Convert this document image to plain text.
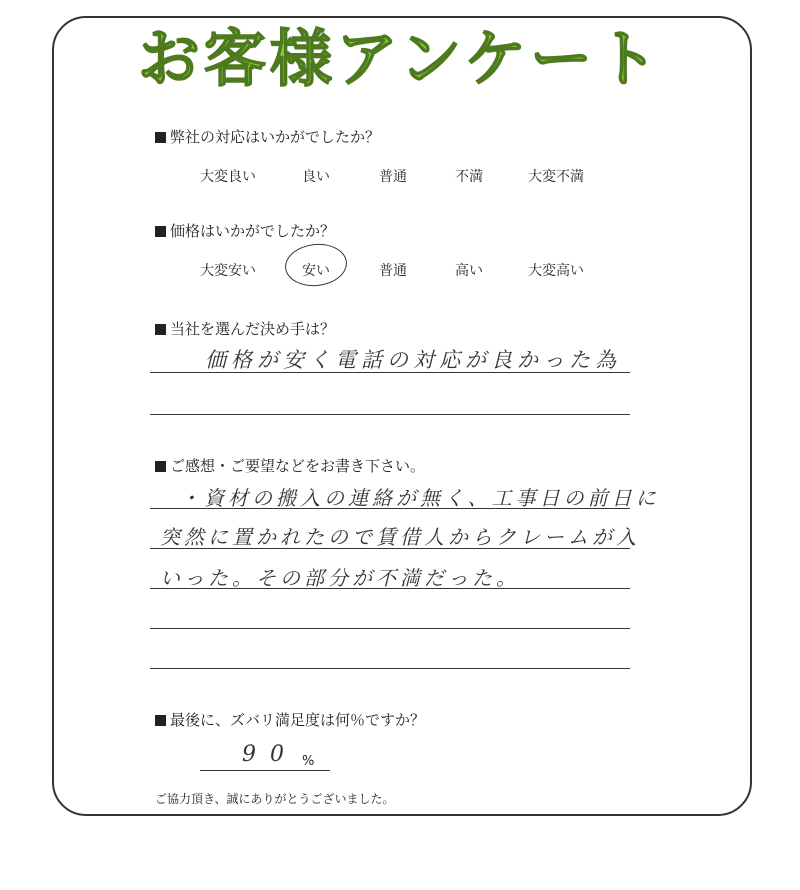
お客様アンケート
弊社の対応はいかがでしたか？
大変良い	良い	普通	不満	大変不満
価格はいかがでしたか？
大変安い	安い	普通	高い	大変高い
当社を選んだ決め手は？
価格が安く電話の対応が良かった為
ご感想・ご要望などをお書き下さい。
・資材の搬入の連絡が無く、工事日の前日に
突然に置かれたので賃借人からクレームが入
いった。その部分が不満だった。
最後に、ズバリ満足度は何％ですか？
90 %
ご協力頂き、誠にありがとうございました。
